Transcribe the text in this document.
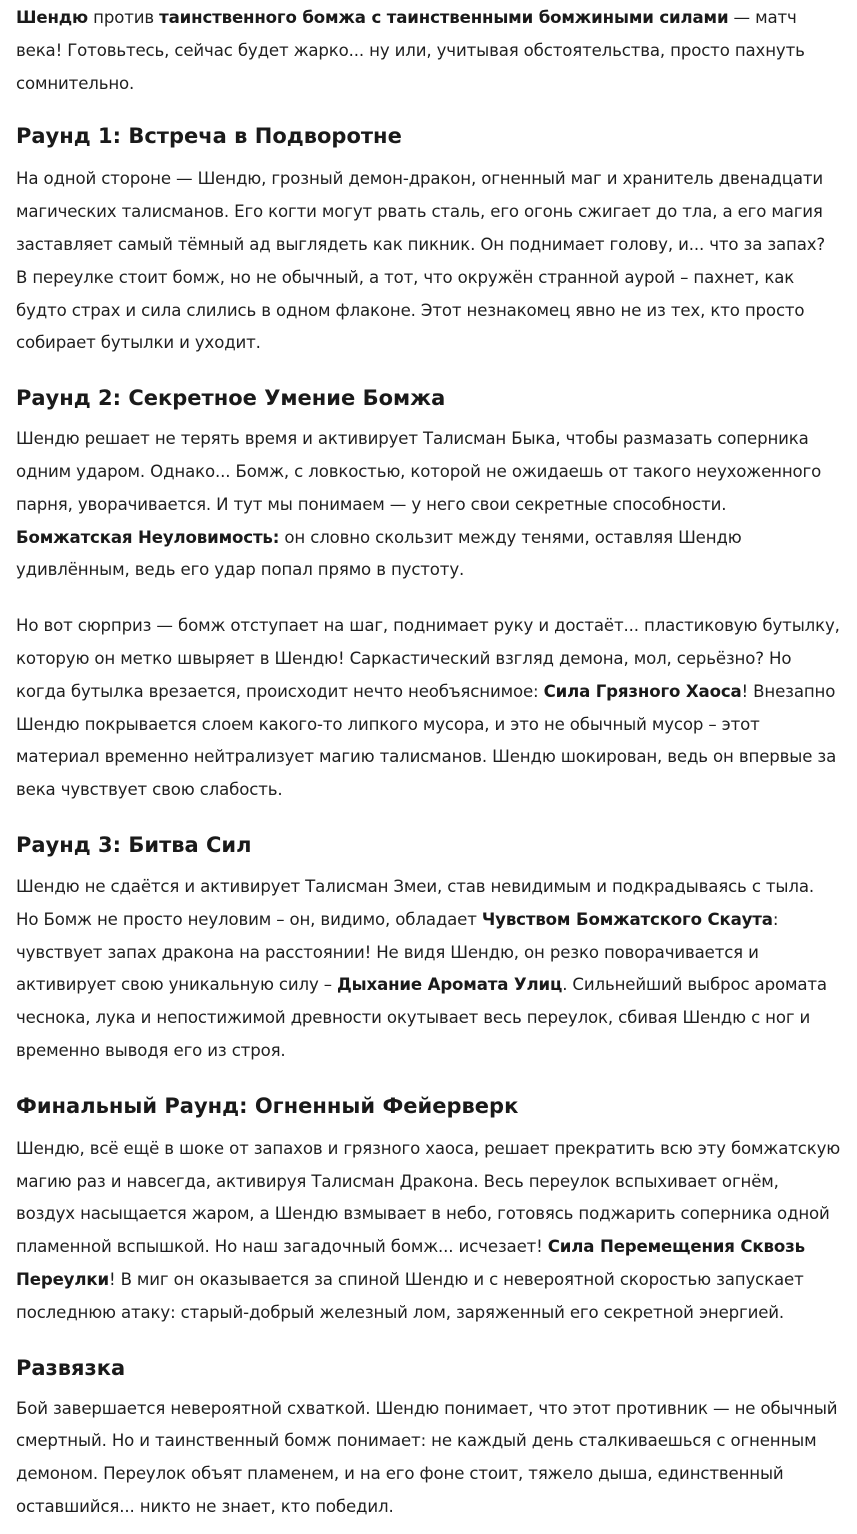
Шендю против таинственного бомжа с таинственными бомжиными силами — матч века! Готовьтесь, сейчас будет жарко... ну или, учитывая обстоятельства, просто пахнуть сомнительно.

Раунд 1: Встреча в Подворотне

На одной стороне — Шендю, грозный демон-дракон, огненный маг и хранитель двенадцати магических талисманов. Его когти могут рвать сталь, его огонь сжигает до тла, а его магия заставляет самый тёмный ад выглядеть как пикник. Он поднимает голову, и... что за запах? В переулке стоит бомж, но не обычный, а тот, что окружён странной аурой – пахнет, как будто страх и сила слились в одном флаконе. Этот незнакомец явно не из тех, кто просто собирает бутылки и уходит.

Раунд 2: Секретное Умение Бомжа

Шендю решает не терять время и активирует Талисман Быка, чтобы размазать соперника одним ударом. Однако... Бомж, с ловкостью, которой не ожидаешь от такого неухоженного парня, уворачивается. И тут мы понимаем — у него свои секретные способности. Бомжатская Неуловимость: он словно скользит между тенями, оставляя Шендю удивлённым, ведь его удар попал прямо в пустоту.

Но вот сюрприз — бомж отступает на шаг, поднимает руку и достаёт... пластиковую бутылку, которую он метко швыряет в Шендю! Саркастический взгляд демона, мол, серьёзно? Но когда бутылка врезается, происходит нечто необъяснимое: Сила Грязного Хаоса! Внезапно Шендю покрывается слоем какого-то липкого мусора, и это не обычный мусор – этот материал временно нейтрализует магию талисманов. Шендю шокирован, ведь он впервые за века чувствует свою слабость.

Раунд 3: Битва Сил

Шендю не сдаётся и активирует Талисман Змеи, став невидимым и подкрадываясь с тыла. Но Бомж не просто неуловим – он, видимо, обладает Чувством Бомжатского Скаута: чувствует запах дракона на расстоянии! Не видя Шендю, он резко поворачивается и активирует свою уникальную силу – Дыхание Аромата Улиц. Сильнейший выброс аромата чеснока, лука и непостижимой древности окутывает весь переулок, сбивая Шендю с ног и временно выводя его из строя.

Финальный Раунд: Огненный Фейерверк

Шендю, всё ещё в шоке от запахов и грязного хаоса, решает прекратить всю эту бомжатскую магию раз и навсегда, активируя Талисман Дракона. Весь переулок вспыхивает огнём, воздух насыщается жаром, а Шендю взмывает в небо, готовясь поджарить соперника одной пламенной вспышкой. Но наш загадочный бомж... исчезает! Сила Перемещения Сквозь Переулки! В миг он оказывается за спиной Шендю и с невероятной скоростью запускает последнюю атаку: старый-добрый железный лом, заряженный его секретной энергией.

Развязка

Бой завершается невероятной схваткой. Шендю понимает, что этот противник — не обычный смертный. Но и таинственный бомж понимает: не каждый день сталкиваешься с огненным демоном. Переулок объят пламенем, и на его фоне стоит, тяжело дыша, единственный оставшийся... никто не знает, кто победил.
